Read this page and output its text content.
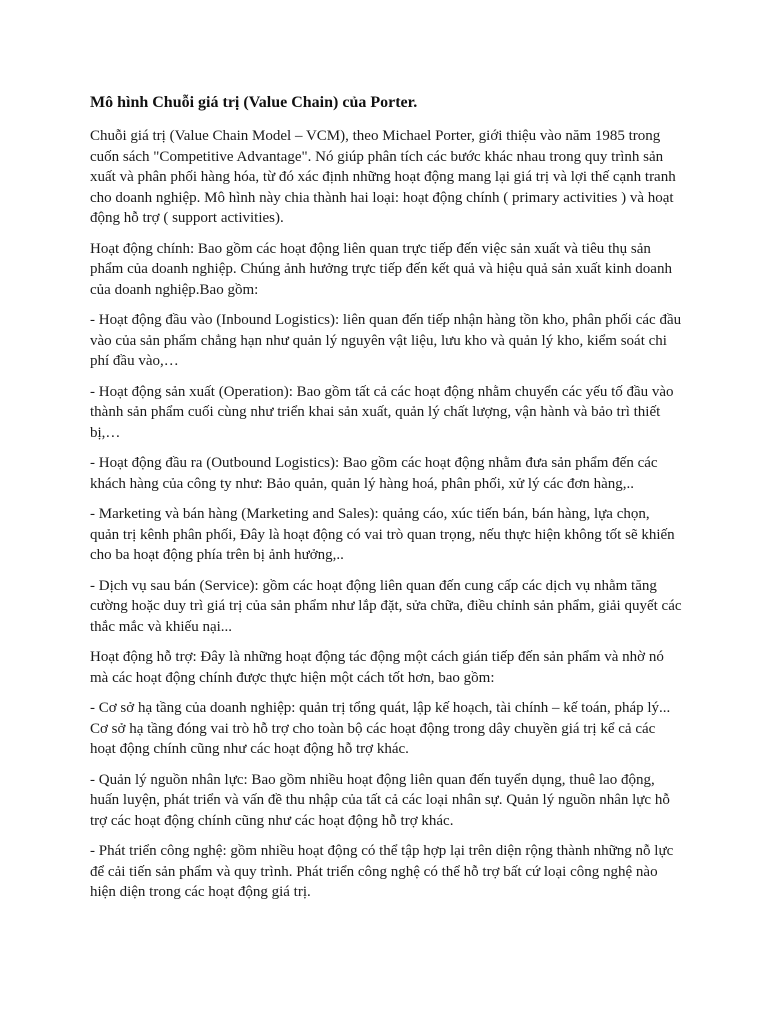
Mô hình Chuỗi giá trị (Value Chain) của Porter.

Chuỗi giá trị (Value Chain Model – VCM), theo Michael Porter, giới thiệu vào năm 1985 trong cuốn sách "Competitive Advantage". Nó giúp phân tích các bước khác nhau trong quy trình sản xuất và phân phối hàng hóa, từ đó xác định những hoạt động mang lại giá trị và lợi thế cạnh tranh cho doanh nghiệp. Mô hình này chia thành hai loại: hoạt động chính ( primary activities ) và hoạt động hỗ trợ ( support activities).

Hoạt động chính: Bao gồm các hoạt động liên quan trực tiếp đến việc sản xuất và tiêu thụ sản phẩm của doanh nghiệp. Chúng ảnh hưởng trực tiếp đến kết quả và hiệu quả sản xuất kinh doanh của doanh nghiệp.Bao gồm:

- Hoạt động đầu vào (Inbound Logistics): liên quan đến tiếp nhận hàng tồn kho, phân phối các đầu vào của sản phẩm chẳng hạn như quản lý nguyên vật liệu, lưu kho và quản lý kho, kiểm soát chi phí đầu vào,…

- Hoạt động sản xuất (Operation): Bao gồm tất cả các hoạt động nhằm chuyển các yếu tố đầu vào thành sản phẩm cuối cùng như triển khai sản xuất, quản lý chất lượng, vận hành và bảo trì thiết bị,…

- Hoạt động đầu ra (Outbound Logistics): Bao gồm các hoạt động nhằm đưa sản phẩm đến các khách hàng của công ty như: Bảo quản, quản lý hàng hoá, phân phối, xử lý các đơn hàng,..

- Marketing và bán hàng (Marketing and Sales): quảng cáo, xúc tiến bán, bán hàng, lựa chọn, quản trị kênh phân phối, Đây là hoạt động có vai trò quan trọng, nếu thực hiện không tốt sẽ khiến cho ba hoạt động phía trên bị ảnh hưởng,..

- Dịch vụ sau bán (Service): gồm các hoạt động liên quan đến cung cấp các dịch vụ nhằm tăng cường hoặc duy trì giá trị của sản phẩm như lắp đặt, sửa chữa, điều chỉnh sản phẩm, giải quyết các thắc mắc và khiếu nại...

Hoạt động hỗ trợ: Đây là những hoạt động tác động một cách gián tiếp đến sản phẩm và nhờ nó mà các hoạt động chính được thực hiện một cách tốt hơn, bao gồm:

- Cơ sở hạ tầng của doanh nghiệp: quản trị tổng quát, lập kế hoạch, tài chính – kế toán, pháp lý... Cơ sở hạ tầng đóng vai trò hỗ trợ cho toàn bộ các hoạt động trong dây chuyền giá trị kể cả các hoạt động chính cũng như các hoạt động hỗ trợ khác.

- Quản lý nguồn nhân lực: Bao gồm nhiều hoạt động liên quan đến tuyển dụng, thuê lao động, huấn luyện, phát triển và vấn đề thu nhập của tất cả các loại nhân sự. Quản lý nguồn nhân lực hỗ trợ các hoạt động chính cũng như các hoạt động hỗ trợ khác.

- Phát triển công nghệ: gồm nhiều hoạt động có thể tập hợp lại trên diện rộng thành những nỗ lực để cải tiến sản phẩm và quy trình. Phát triển công nghệ có thể hỗ trợ bất cứ loại công nghệ nào hiện diện trong các hoạt động giá trị.
